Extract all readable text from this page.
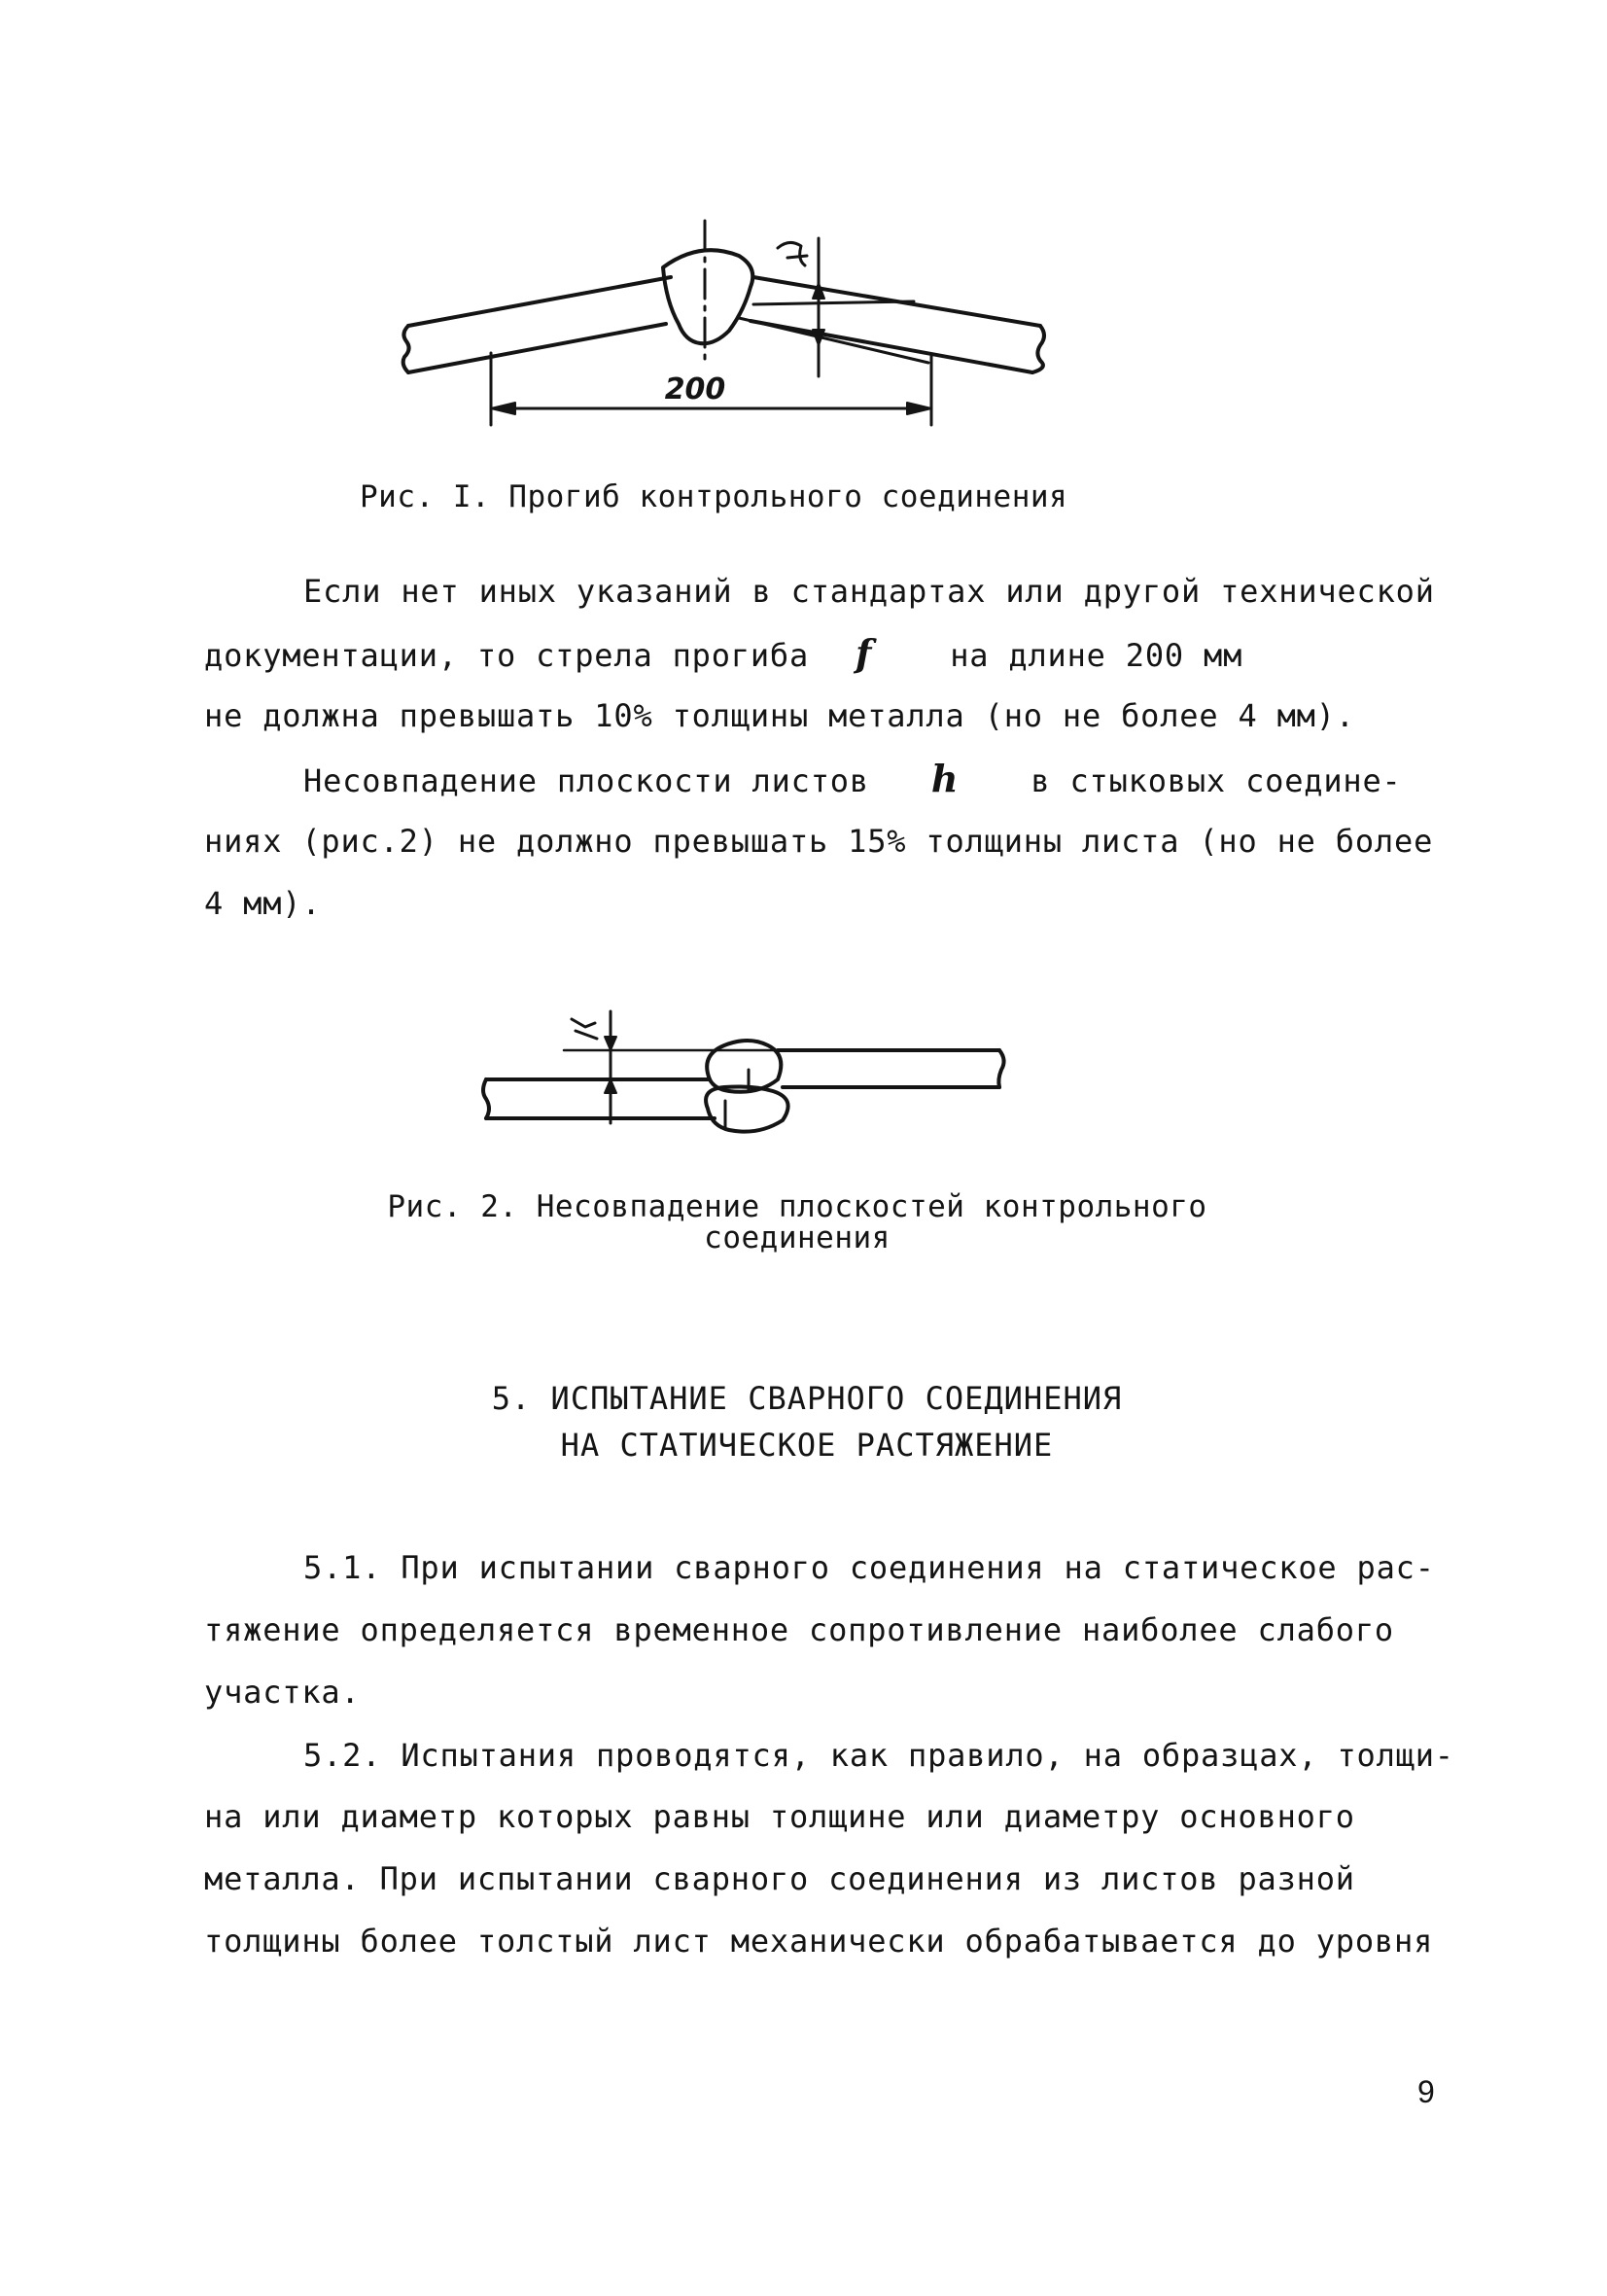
200
Рис. I. Прогиб контрольного соединения
Если нет иных указаний в стандартах или другой технической
документации, то стрела прогиба f	на длине 200 мм
не должна превышать 10% толщины металла (но не более 4 мм).
Несовпадение плоскости листов h в стыковых соедине-
ниях (рис.2) не должно превышать 15% толщины листа (но не более
4 мм).
Рис. 2. Несовпадение плоскостей контрольного
соединения
5. ИСПЫТАНИЕ СВАРНОГО СОЕДИНЕНИЯ
НА СТАТИЧЕСКОЕ РАСТЯЖЕНИЕ
5.1. При испытании сварного соединения на статическое рас-
тяжение определяется временное сопротивление наиболее слабого
участка.
5.2. Испытания проводятся, как правило, на образцах, толщи-
на или диаметр которых равны толщине или диаметру основного
металла. При испытании сварного соединения из листов разной
толщины более толстый лист механически обрабатывается до уровня
9
